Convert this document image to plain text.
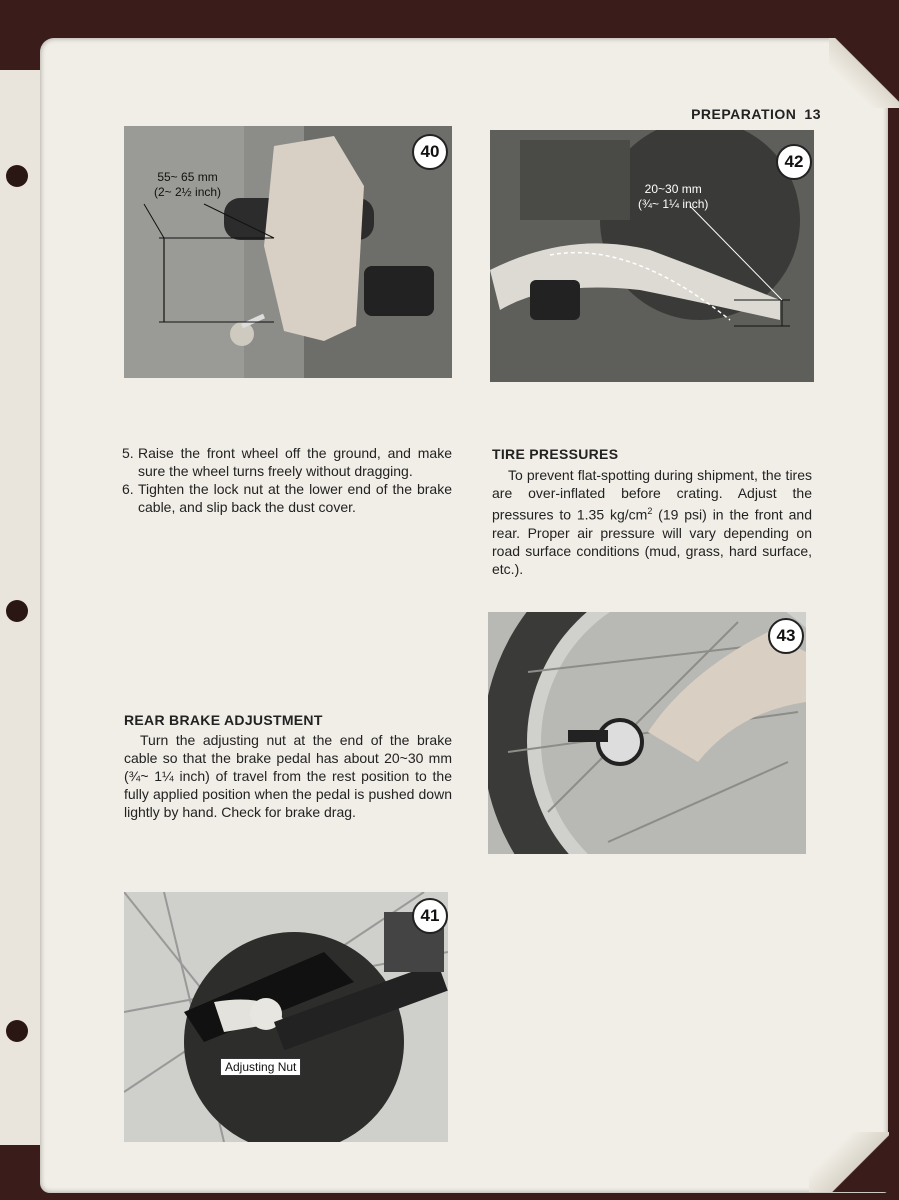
PREPARATION 13
55~ 65 mm
(2~ 2½ inch)
40
20~30 mm
(¾~ 1¼ inch)
42
5. Raise the front wheel off the ground, and make sure the wheel turns freely without dragging.
6. Tighten the lock nut at the lower end of the brake cable, and slip back the dust cover.
TIRE PRESSURES
To prevent flat-spotting during shipment, the tires are over-inflated before crating. Adjust the pressures to 1.35 $kg/cm^2$ (19 psi) in the front and rear. Proper air pressure will vary depending on road surface conditions (mud, grass, hard surface, etc.).
43
REAR BRAKE ADJUSTMENT
Turn the adjusting nut at the end of the brake cable so that the brake pedal has about 20~30 mm (¾~ 1¼ inch) of travel from the rest position to the fully applied position when the pedal is pushed down lightly by hand. Check for brake drag.
Adjusting Nut
41
